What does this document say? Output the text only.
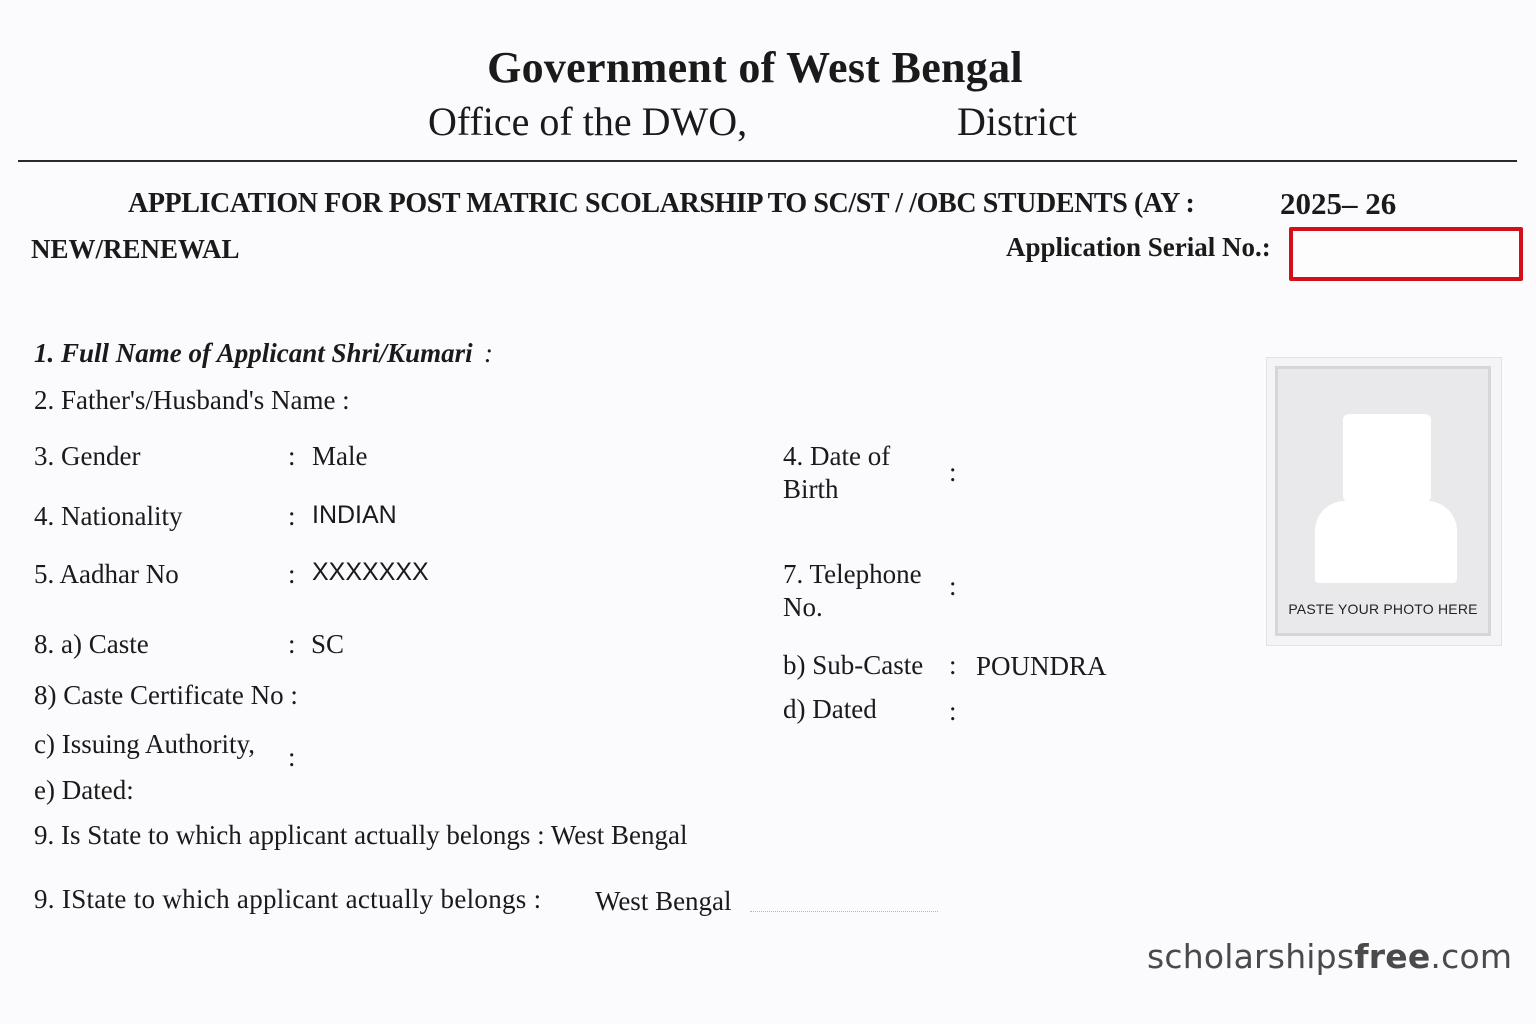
Government of West Bengal
Office of the DWO,	District
APPLICATION FOR POST MATRIC SCOLARSHIP TO SC/ST / /OBC STUDENTS (AY :	2025– 26
NEW/RENEWAL	Application Serial No.:
1. Full Name of Applicant Shri/Kumari :
2. Father's/Husband's Name :
3. Gender	: Male
4. Nationality	: INDIAN
5. Aadhar No	: XXXXXXX
8. a) Caste	: SC
8) Caste Certificate No :
c) Issuing Authority, :
e) Dated:
9. Is State to which applicant actually belongs : West Bengal
9. IState to which applicant actually belongs : West Bengal
4. Date of
Birth
:
7. Telephone
No.
:
b) Sub-Caste : POUNDRA
d) Dated	:
PASTE YOUR PHOTO HERE
scholarshipsfree.com
